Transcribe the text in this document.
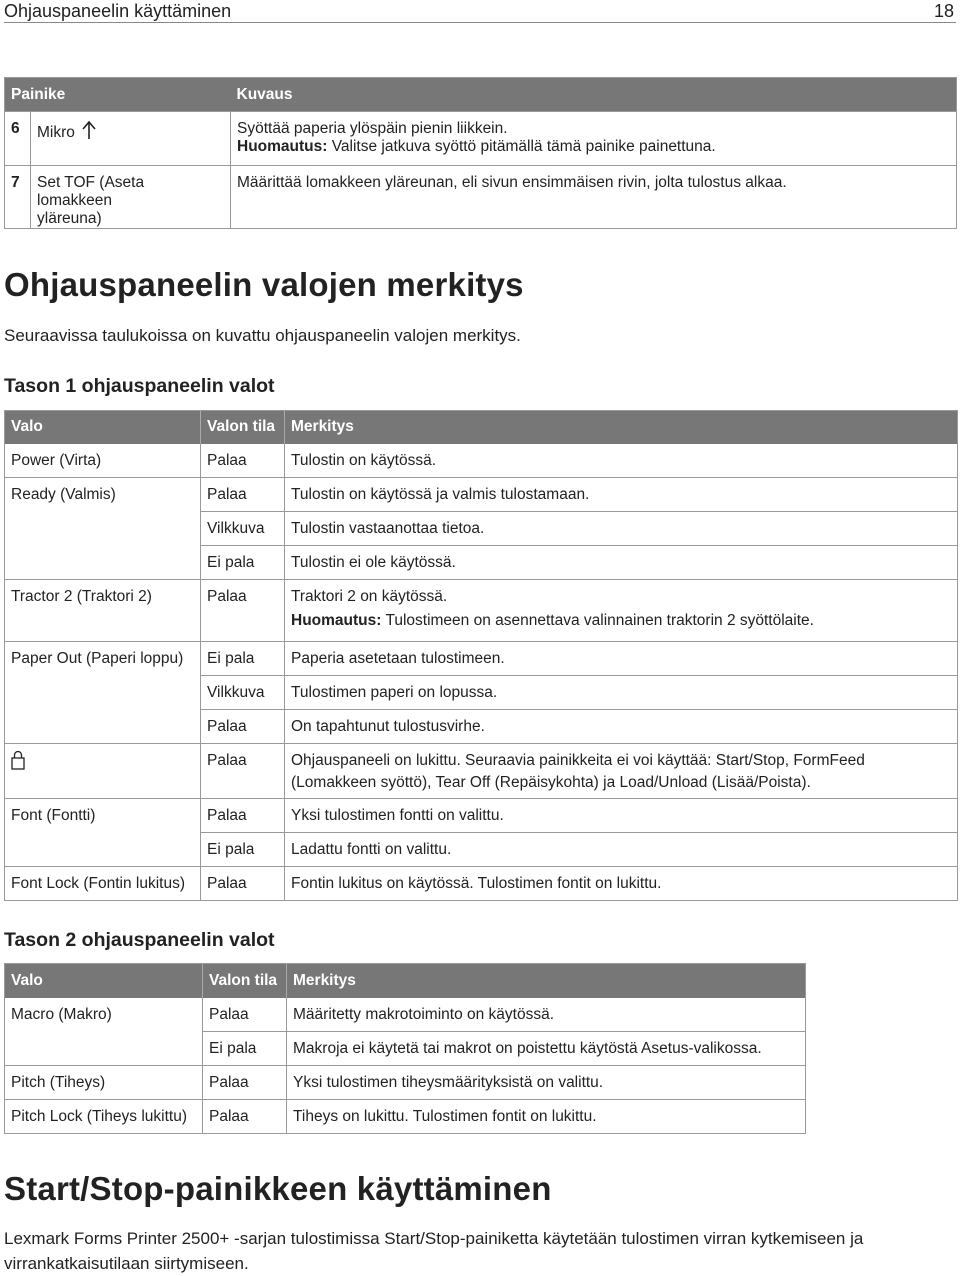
Ohjauspaneelin käyttäminen	18
Painike		Kuvaus
6	Mikro	Syöttää paperia ylöspäin pienin liikkein.
Huomautus: Valitse jatkuva syöttö pitämällä tämä painike painettuna.

7	Set TOF (Aseta lomakkeen yläreuna)	Määrittää lomakkeen yläreunan, eli sivun ensimmäisen rivin, jolta tulostus alkaa.
Ohjauspaneelin valojen merkitys
Seuraavissa taulukoissa on kuvattu ohjauspaneelin valojen merkitys.
Tason 1 ohjauspaneelin valot
Valo	Valon tila	Merkitys
Power (Virta)	Palaa	Tulostin on käytössä.
Ready (Valmis)	Palaa	Tulostin on käytössä ja valmis tulostamaan.
	Vilkkuva	Tulostin vastaanottaa tietoa.
	Ei pala	Tulostin ei ole käytössä.
Tractor 2 (Traktori 2)	Palaa	Traktori 2 on käytössä.
Huomautus: Tulostimeen on asennettava valinnainen traktorin 2 syöttölaite.

Paper Out (Paperi loppu)	Ei pala	Paperia asetetaan tulostimeen.
	Vilkkuva	Tulostimen paperi on lopussa.
	Palaa	On tapahtunut tulostusvirhe.
	Palaa	Ohjauspaneeli on lukittu. Seuraavia painikkeita ei voi käyttää: Start/Stop, FormFeed (Lomakkeen syöttö), Tear Off (Repäisykohta) ja Load/Unload (Lisää/Poista).
Font (Fontti)	Palaa	Yksi tulostimen fontti on valittu.
	Ei pala	Ladattu fontti on valittu.
Font Lock (Fontin lukitus)	Palaa	Fontin lukitus on käytössä. Tulostimen fontit on lukittu.
Tason 2 ohjauspaneelin valot
Valo	Valon tila	Merkitys
Macro (Makro)	Palaa	Määritetty makrotoiminto on käytössä.
	Ei pala	Makroja ei käytetä tai makrot on poistettu käytöstä Asetus-valikossa.
Pitch (Tiheys)	Palaa	Yksi tulostimen tiheysmäärityksistä on valittu.
Pitch Lock (Tiheys lukittu)	Palaa	Tiheys on lukittu. Tulostimen fontit on lukittu.
Start/Stop-painikkeen käyttäminen
Lexmark Forms Printer 2500+ -sarjan tulostimissa Start/Stop-painiketta käytetään tulostimen virran kytkemiseen ja virrankatkaisutilaan siirtymiseen.
